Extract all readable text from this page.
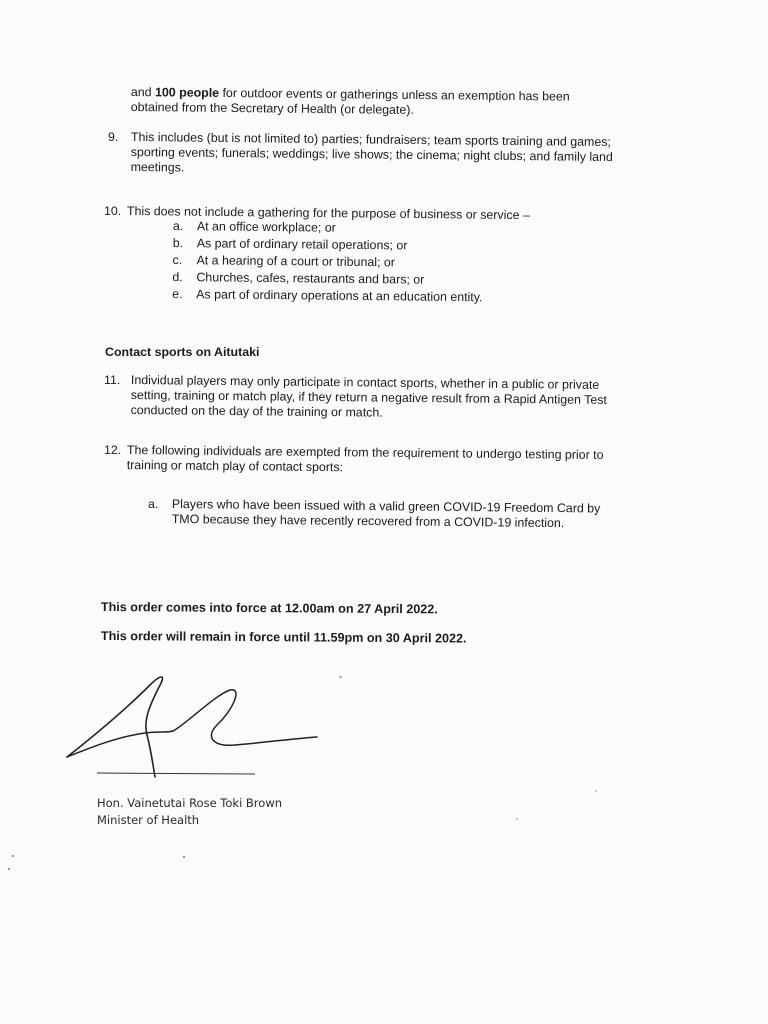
and 100 people for outdoor events or gatherings unless an exemption has been
obtained from the Secretary of Health (or delegate).
9. This includes (but is not limited to) parties; fundraisers; team sports training and games;
sporting events; funerals; weddings; live shows; the cinema; night clubs; and family land
meetings.
10. This does not include a gathering for the purpose of business or service –
a. At an office workplace; or
b. As part of ordinary retail operations; or
c. At a hearing of a court or tribunal; or
d. Churches, cafes, restaurants and bars; or
e. As part of ordinary operations at an education entity.
Contact sports on Aitutaki
11. Individual players may only participate in contact sports, whether in a public or private
setting, training or match play, if they return a negative result from a Rapid Antigen Test
conducted on the day of the training or match.
12. The following individuals are exempted from the requirement to undergo testing prior to
training or match play of contact sports:
a. Players who have been issued with a valid green COVID-19 Freedom Card by
TMO because they have recently recovered from a COVID-19 infection.
This order comes into force at 12.00am on 27 April 2022.
This order will remain in force until 11.59pm on 30 April 2022.
Hon. Vainetutai Rose Toki Brown
Minister of Health
